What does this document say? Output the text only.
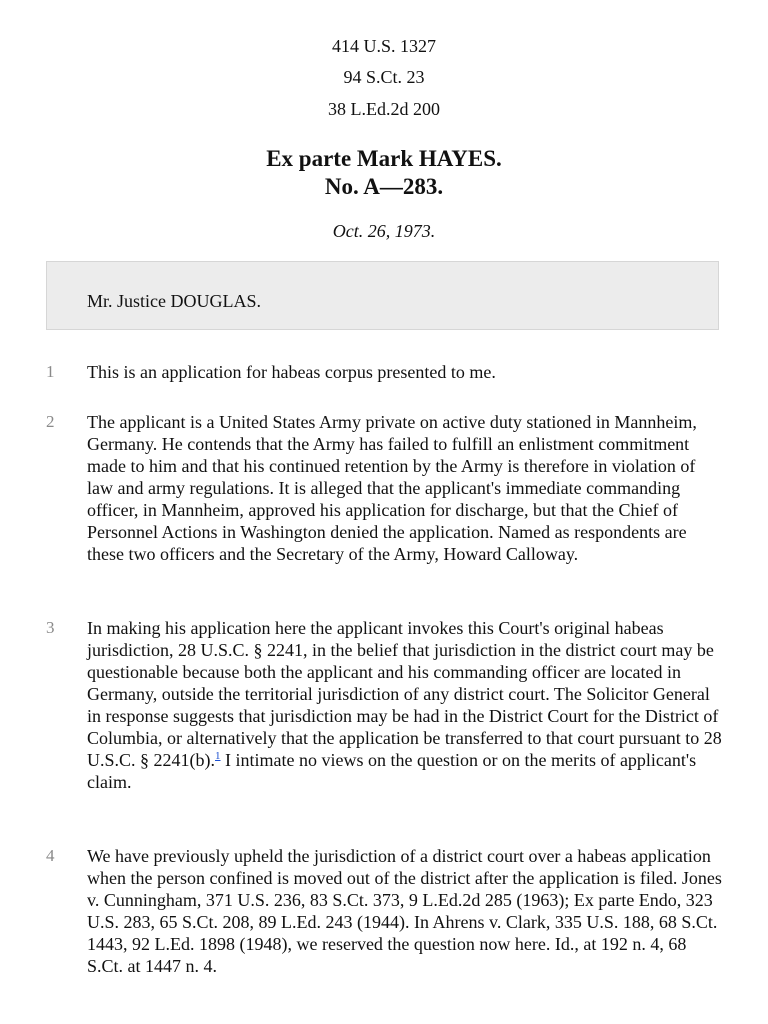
414 U.S. 1327
94 S.Ct. 23
38 L.Ed.2d 200
Ex parte Mark HAYES.
No. A—283.
Oct. 26, 1973.
Mr. Justice DOUGLAS.
1 This is an application for habeas corpus presented to me.
2 The applicant is a United States Army private on active duty stationed in Mannheim, Germany. He contends that the Army has failed to fulfill an enlistment commitment made to him and that his continued retention by the Army is therefore in violation of law and army regulations. It is alleged that the applicant's immediate commanding officer, in Mannheim, approved his application for discharge, but that the Chief of Personnel Actions in Washington denied the application. Named as respondents are these two officers and the Secretary of the Army, Howard Calloway.
3 In making his application here the applicant invokes this Court's original habeas jurisdiction, 28 U.S.C. § 2241, in the belief that jurisdiction in the district court may be questionable because both the applicant and his commanding officer are located in Germany, outside the territorial jurisdiction of any district court. The Solicitor General in response suggests that jurisdiction may be had in the District Court for the District of Columbia, or alternatively that the application be transferred to that court pursuant to 28 U.S.C. § 2241(b).$^1$ I intimate no views on the question or on the merits of applicant's claim.
4 We have previously upheld the jurisdiction of a district court over a habeas application when the person confined is moved out of the district after the application is filed. Jones v. Cunningham, 371 U.S. 236, 83 S.Ct. 373, 9 L.Ed.2d 285 (1963); Ex parte Endo, 323 U.S. 283, 65 S.Ct. 208, 89 L.Ed. 243 (1944). In Ahrens v. Clark, 335 U.S. 188, 68 S.Ct. 1443, 92 L.Ed. 1898 (1948), we reserved the question now here. Id., at 192 n. 4, 68 S.Ct. at 1447 n. 4.
